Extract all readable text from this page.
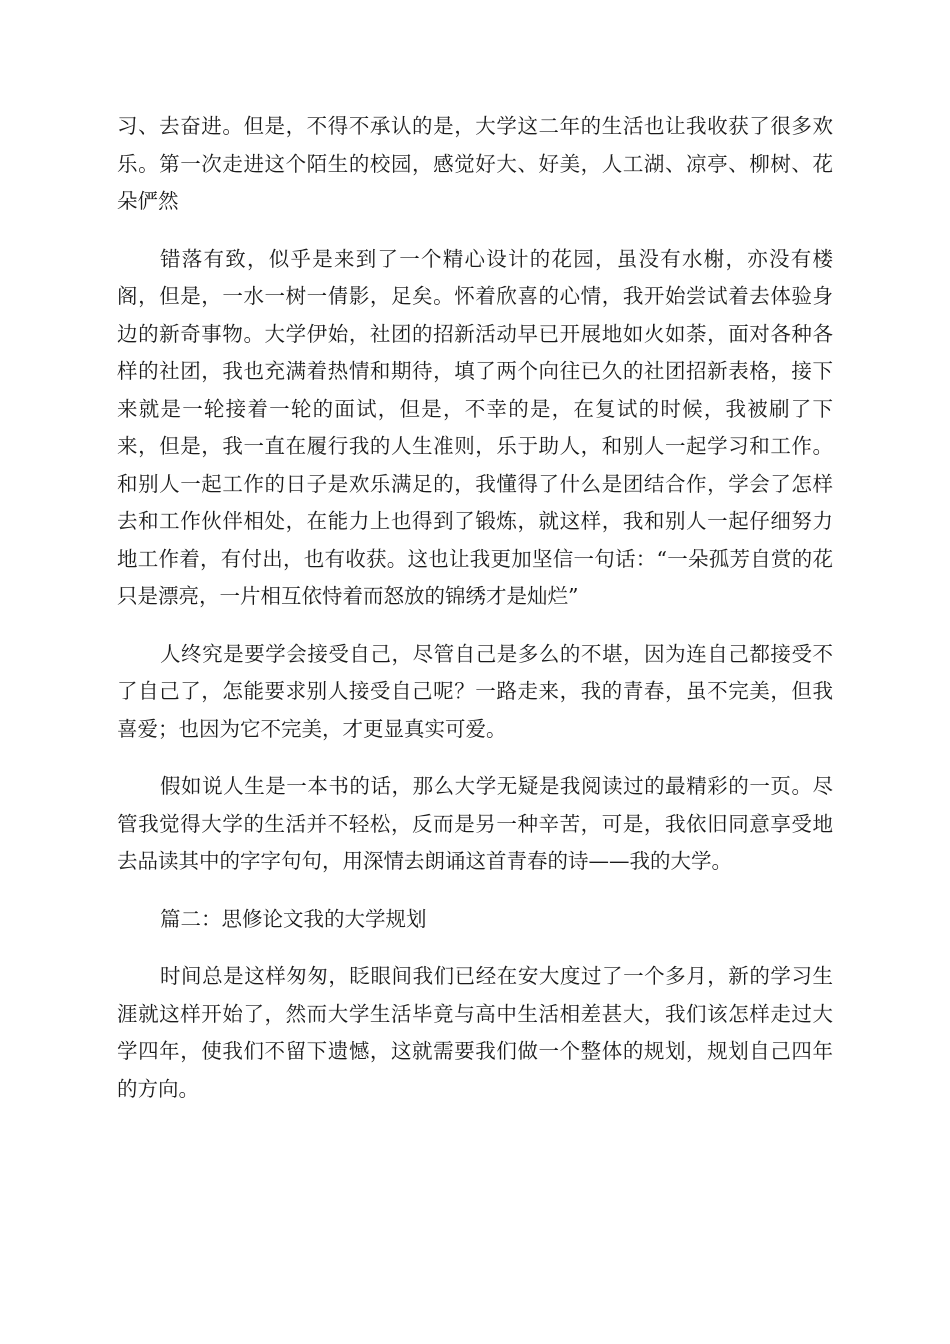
习、去奋进。但是，不得不承认的是，大学这二年的生活也让我收获了很多欢乐。第一次走进这个陌生的校园，感觉好大、好美，人工湖、凉亭、柳树、花朵俨然

错落有致，似乎是来到了一个精心设计的花园，虽没有水榭，亦没有楼阁，但是，一水一树一倩影，足矣。怀着欣喜的心情，我开始尝试着去体验身边的新奇事物。大学伊始，社团的招新活动早已开展地如火如荼，面对各种各样的社团，我也充满着热情和期待，填了两个向往已久的社团招新表格，接下来就是一轮接着一轮的面试，但是，不幸的是，在复试的时候，我被刷了下来，但是，我一直在履行我的人生准则，乐于助人，和别人一起学习和工作。和别人一起工作的日子是欢乐满足的，我懂得了什么是团结合作，学会了怎样去和工作伙伴相处，在能力上也得到了锻炼，就这样，我和别人一起仔细努力地工作着，有付出，也有收获。这也让我更加坚信一句话：“一朵孤芳自赏的花只是漂亮，一片相互依恃着而怒放的锦绣才是灿烂”

人终究是要学会接受自己，尽管自己是多么的不堪，因为连自己都接受不了自己了，怎能要求别人接受自己呢？一路走来，我的青春，虽不完美，但我喜爱；也因为它不完美，才更显真实可爱。

假如说人生是一本书的话，那么大学无疑是我阅读过的最精彩的一页。尽管我觉得大学的生活并不轻松，反而是另一种辛苦，可是，我依旧同意享受地去品读其中的字字句句，用深情去朗诵这首青春的诗——我的大学。

篇二：思修论文我的大学规划

时间总是这样匆匆，眨眼间我们已经在安大度过了一个多月，新的学习生涯就这样开始了，然而大学生活毕竟与高中生活相差甚大，我们该怎样走过大学四年，使我们不留下遗憾，这就需要我们做一个整体的规划，规划自己四年的方向。
